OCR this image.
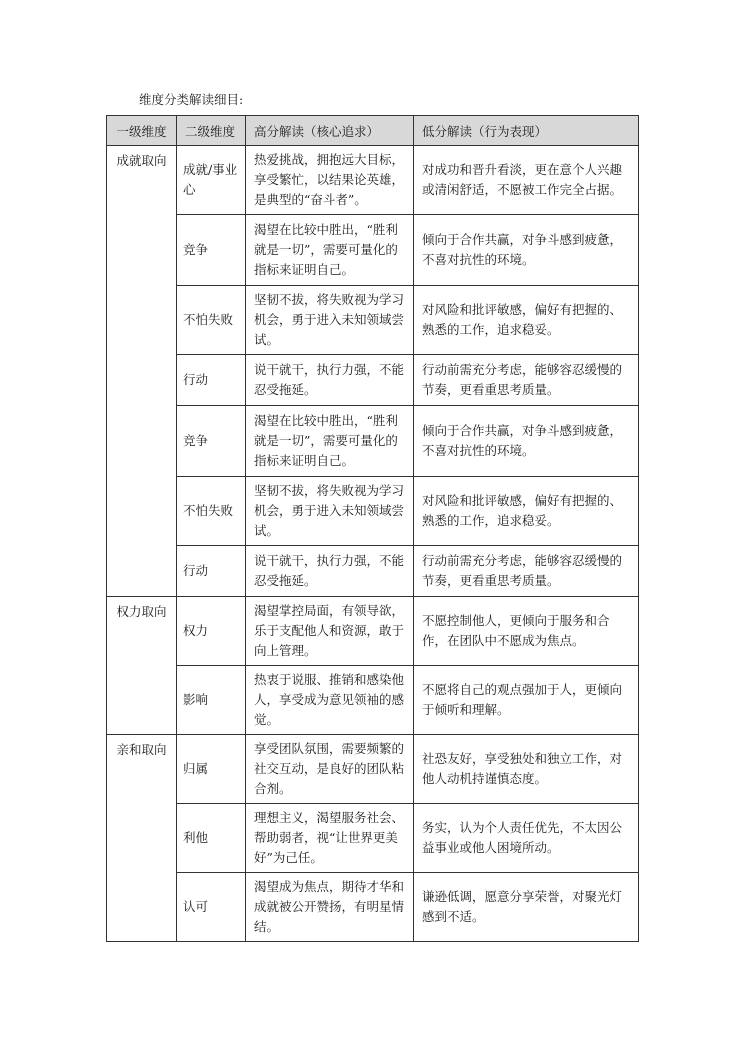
维度分类解读细目:
一级维度	二级维度	高分解读（核心追求）	低分解读（行为表现）
成就取向	成就/事业心	热爱挑战，拥抱远大目标，享受繁忙，以结果论英雄，是典型的“奋斗者”。	对成功和晋升看淡，更在意个人兴趣或清闲舒适，不愿被工作完全占据。
	竞争	渴望在比较中胜出，“胜利就是一切”，需要可量化的指标来证明自己。	倾向于合作共赢，对争斗感到疲惫，不喜对抗性的环境。
	不怕失败	坚韧不拔，将失败视为学习机会，勇于进入未知领域尝试。	对风险和批评敏感，偏好有把握的、熟悉的工作，追求稳妥。
	行动	说干就干，执行力强，不能忍受拖延。	行动前需充分考虑，能够容忍缓慢的节奏，更看重思考质量。
	竞争	渴望在比较中胜出，“胜利就是一切”，需要可量化的指标来证明自己。	倾向于合作共赢，对争斗感到疲惫，不喜对抗性的环境。
	不怕失败	坚韧不拔，将失败视为学习机会，勇于进入未知领域尝试。	对风险和批评敏感，偏好有把握的、熟悉的工作，追求稳妥。
	行动	说干就干，执行力强，不能忍受拖延。	行动前需充分考虑，能够容忍缓慢的节奏，更看重思考质量。
权力取向	权力	渴望掌控局面，有领导欲，乐于支配他人和资源，敢于向上管理。	不愿控制他人，更倾向于服务和合作，在团队中不愿成为焦点。
	影响	热衷于说服、推销和感染他人，享受成为意见领袖的感觉。	不愿将自己的观点强加于人，更倾向于倾听和理解。
亲和取向	归属	享受团队氛围，需要频繁的社交互动，是良好的团队粘合剂。	社恐友好，享受独处和独立工作，对他人动机持谨慎态度。
	利他	理想主义，渴望服务社会、帮助弱者，视“让世界更美好”为己任。	务实，认为个人责任优先，不太因公益事业或他人困境所动。
	认可	渴望成为焦点，期待才华和成就被公开赞扬，有明星情结。	谦逊低调，愿意分享荣誉，对聚光灯感到不适。
